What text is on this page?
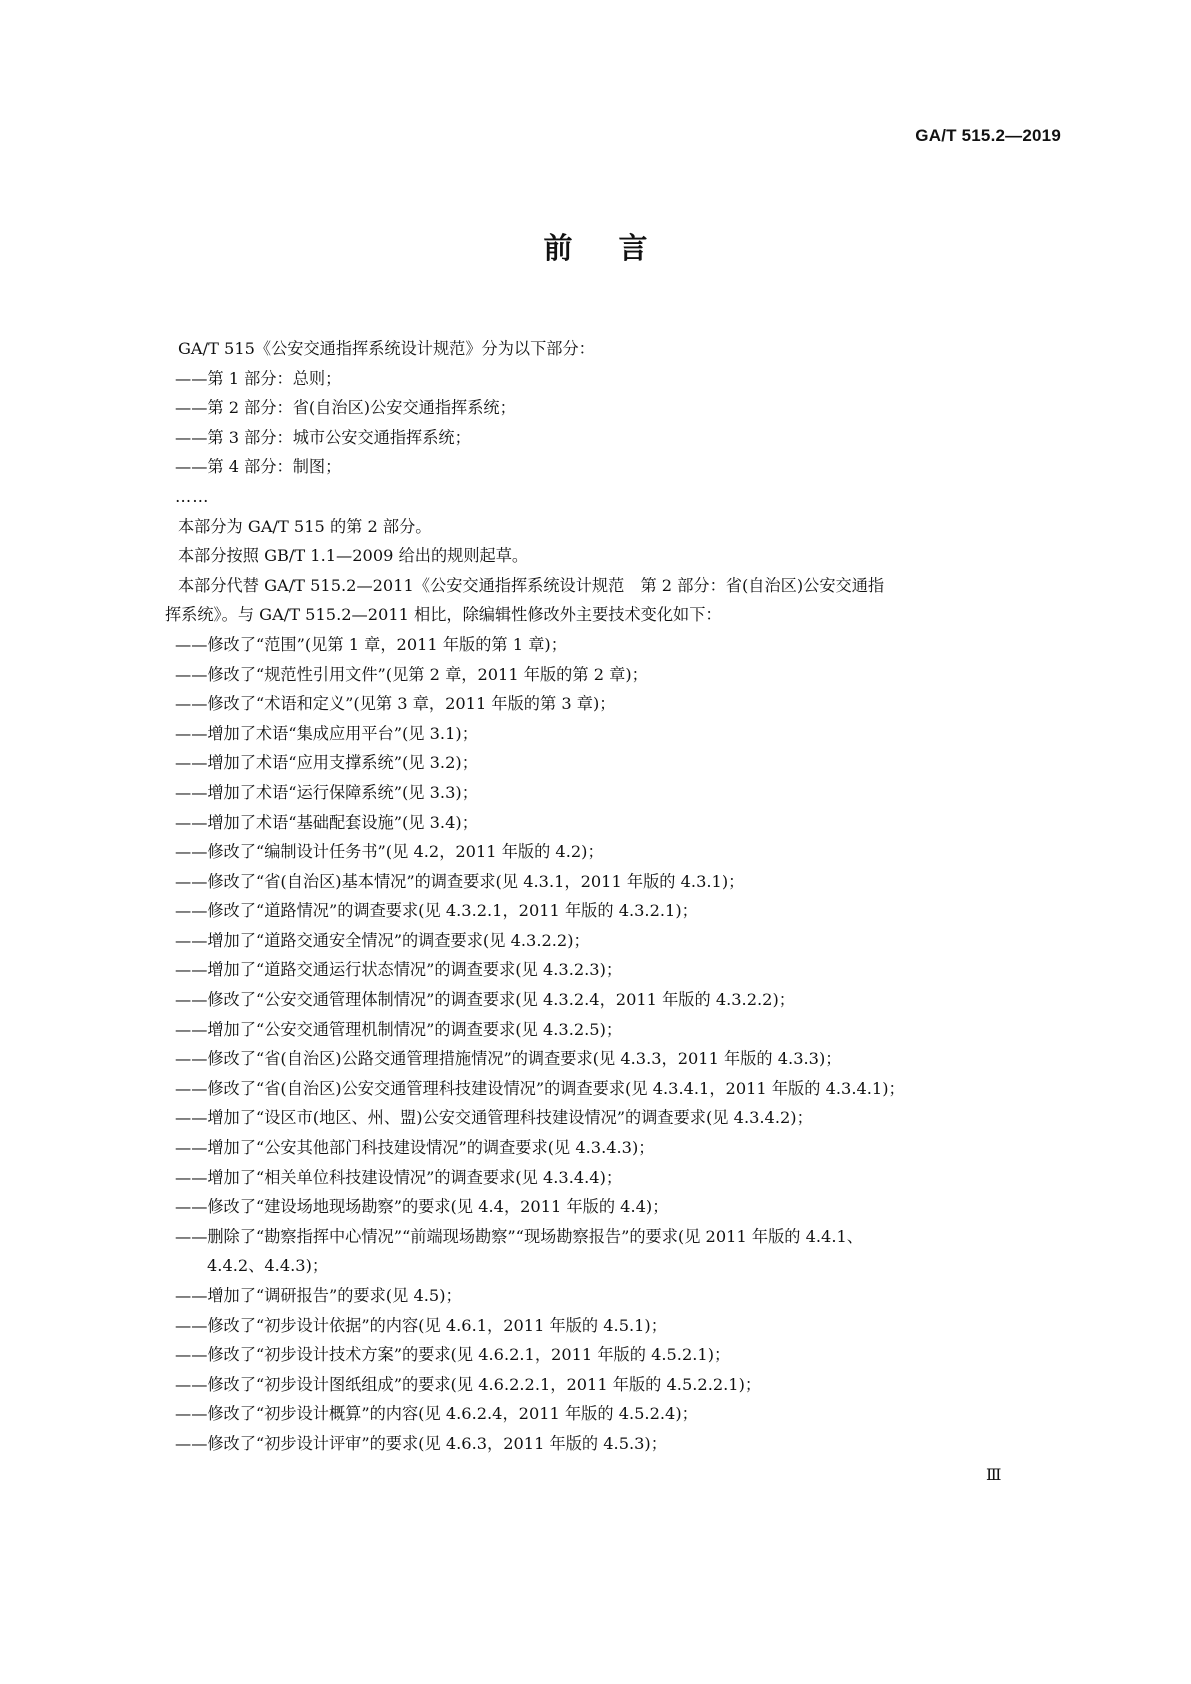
GA/T 515.2—2019
前言
GA/T 515《公安交通指挥系统设计规范》分为以下部分：
——第 1 部分：总则；
——第 2 部分：省(自治区)公安交通指挥系统；
——第 3 部分：城市公安交通指挥系统；
——第 4 部分：制图；
……
本部分为 GA/T 515 的第 2 部分。
本部分按照 GB/T 1.1—2009 给出的规则起草。
本部分代替 GA/T 515.2—2011《公安交通指挥系统设计规范　第 2 部分：省(自治区)公安交通指
挥系统》。与 GA/T 515.2—2011 相比，除编辑性修改外主要技术变化如下：
——修改了“范围”(见第 1 章，2011 年版的第 1 章)；
——修改了“规范性引用文件”(见第 2 章，2011 年版的第 2 章)；
——修改了“术语和定义”(见第 3 章，2011 年版的第 3 章)；
——增加了术语“集成应用平台”(见 3.1)；
——增加了术语“应用支撑系统”(见 3.2)；
——增加了术语“运行保障系统”(见 3.3)；
——增加了术语“基础配套设施”(见 3.4)；
——修改了“编制设计任务书”(见 4.2，2011 年版的 4.2)；
——修改了“省(自治区)基本情况”的调查要求(见 4.3.1，2011 年版的 4.3.1)；
——修改了“道路情况”的调查要求(见 4.3.2.1，2011 年版的 4.3.2.1)；
——增加了“道路交通安全情况”的调查要求(见 4.3.2.2)；
——增加了“道路交通运行状态情况”的调查要求(见 4.3.2.3)；
——修改了“公安交通管理体制情况”的调查要求(见 4.3.2.4，2011 年版的 4.3.2.2)；
——增加了“公安交通管理机制情况”的调查要求(见 4.3.2.5)；
——修改了“省(自治区)公路交通管理措施情况”的调查要求(见 4.3.3，2011 年版的 4.3.3)；
——修改了“省(自治区)公安交通管理科技建设情况”的调查要求(见 4.3.4.1，2011 年版的 4.3.4.1)；
——增加了“设区市(地区、州、盟)公安交通管理科技建设情况”的调查要求(见 4.3.4.2)；
——增加了“公安其他部门科技建设情况”的调查要求(见 4.3.4.3)；
——增加了“相关单位科技建设情况”的调查要求(见 4.3.4.4)；
——修改了“建设场地现场勘察”的要求(见 4.4，2011 年版的 4.4)；
——删除了“勘察指挥中心情况”“前端现场勘察”“现场勘察报告”的要求(见 2011 年版的 4.4.1、
4.4.2、4.4.3)；
——增加了“调研报告”的要求(见 4.5)；
——修改了“初步设计依据”的内容(见 4.6.1，2011 年版的 4.5.1)；
——修改了“初步设计技术方案”的要求(见 4.6.2.1，2011 年版的 4.5.2.1)；
——修改了“初步设计图纸组成”的要求(见 4.6.2.2.1，2011 年版的 4.5.2.2.1)；
——修改了“初步设计概算”的内容(见 4.6.2.4，2011 年版的 4.5.2.4)；
——修改了“初步设计评审”的要求(见 4.6.3，2011 年版的 4.5.3)；
Ⅲ
